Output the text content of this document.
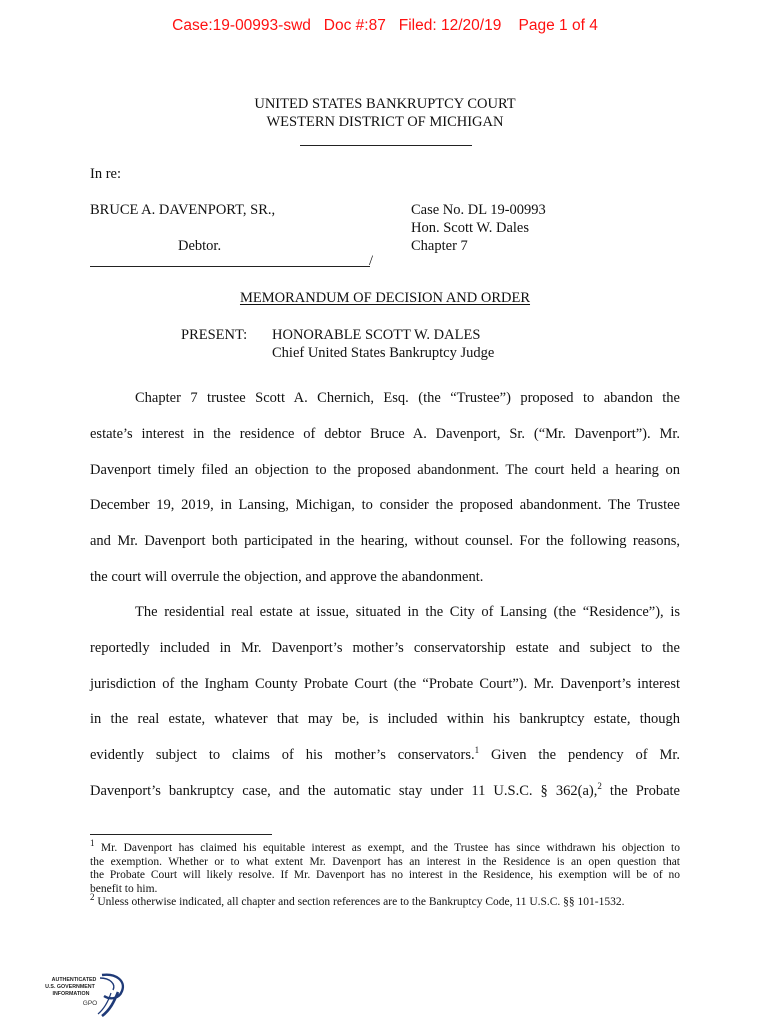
Case:19-00993-swd   Doc #:87   Filed: 12/20/19    Page 1 of 4
UNITED STATES BANKRUPTCY COURT
WESTERN DISTRICT OF MICHIGAN
In re:
BRUCE A. DAVENPORT, SR.,
Debtor.
/
Case No. DL 19-00993
Hon. Scott W. Dales
Chapter 7
MEMORANDUM OF DECISION AND ORDER
PRESENT: HONORABLE SCOTT W. DALES
Chief United States Bankruptcy Judge
Chapter 7 trustee Scott A. Chernich, Esq. (the “Trustee”) proposed to abandon the
estate’s interest in the residence of debtor Bruce A. Davenport, Sr. (“Mr. Davenport”). Mr.
Davenport timely filed an objection to the proposed abandonment. The court held a hearing on
December 19, 2019, in Lansing, Michigan, to consider the proposed abandonment. The Trustee
and Mr. Davenport both participated in the hearing, without counsel. For the following reasons,
the court will overrule the objection, and approve the abandonment.
The residential real estate at issue, situated in the City of Lansing (the “Residence”), is
reportedly included in Mr. Davenport’s mother’s conservatorship estate and subject to the
jurisdiction of the Ingham County Probate Court (the “Probate Court”). Mr. Davenport’s interest
in the real estate, whatever that may be, is included within his bankruptcy estate, though
evidently subject to claims of his mother’s conservators.$^1$ Given the pendency of Mr.
Davenport’s bankruptcy case, and the automatic stay under 11 U.S.C. § 362(a),$^2$ the Probate
$^1$ Mr. Davenport has claimed his equitable interest as exempt, and the Trustee has since withdrawn his objection to
the exemption. Whether or to what extent Mr. Davenport has an interest in the Residence is an open question that
the Probate Court will likely resolve. If Mr. Davenport has no interest in the Residence, his exemption will be of no
benefit to him.
$^2$ Unless otherwise indicated, all chapter and section references are to the Bankruptcy Code, 11 U.S.C. §§ 101-1532.
AUTHENTICATED
U.S. GOVERNMENT
INFORMATION
GPO
